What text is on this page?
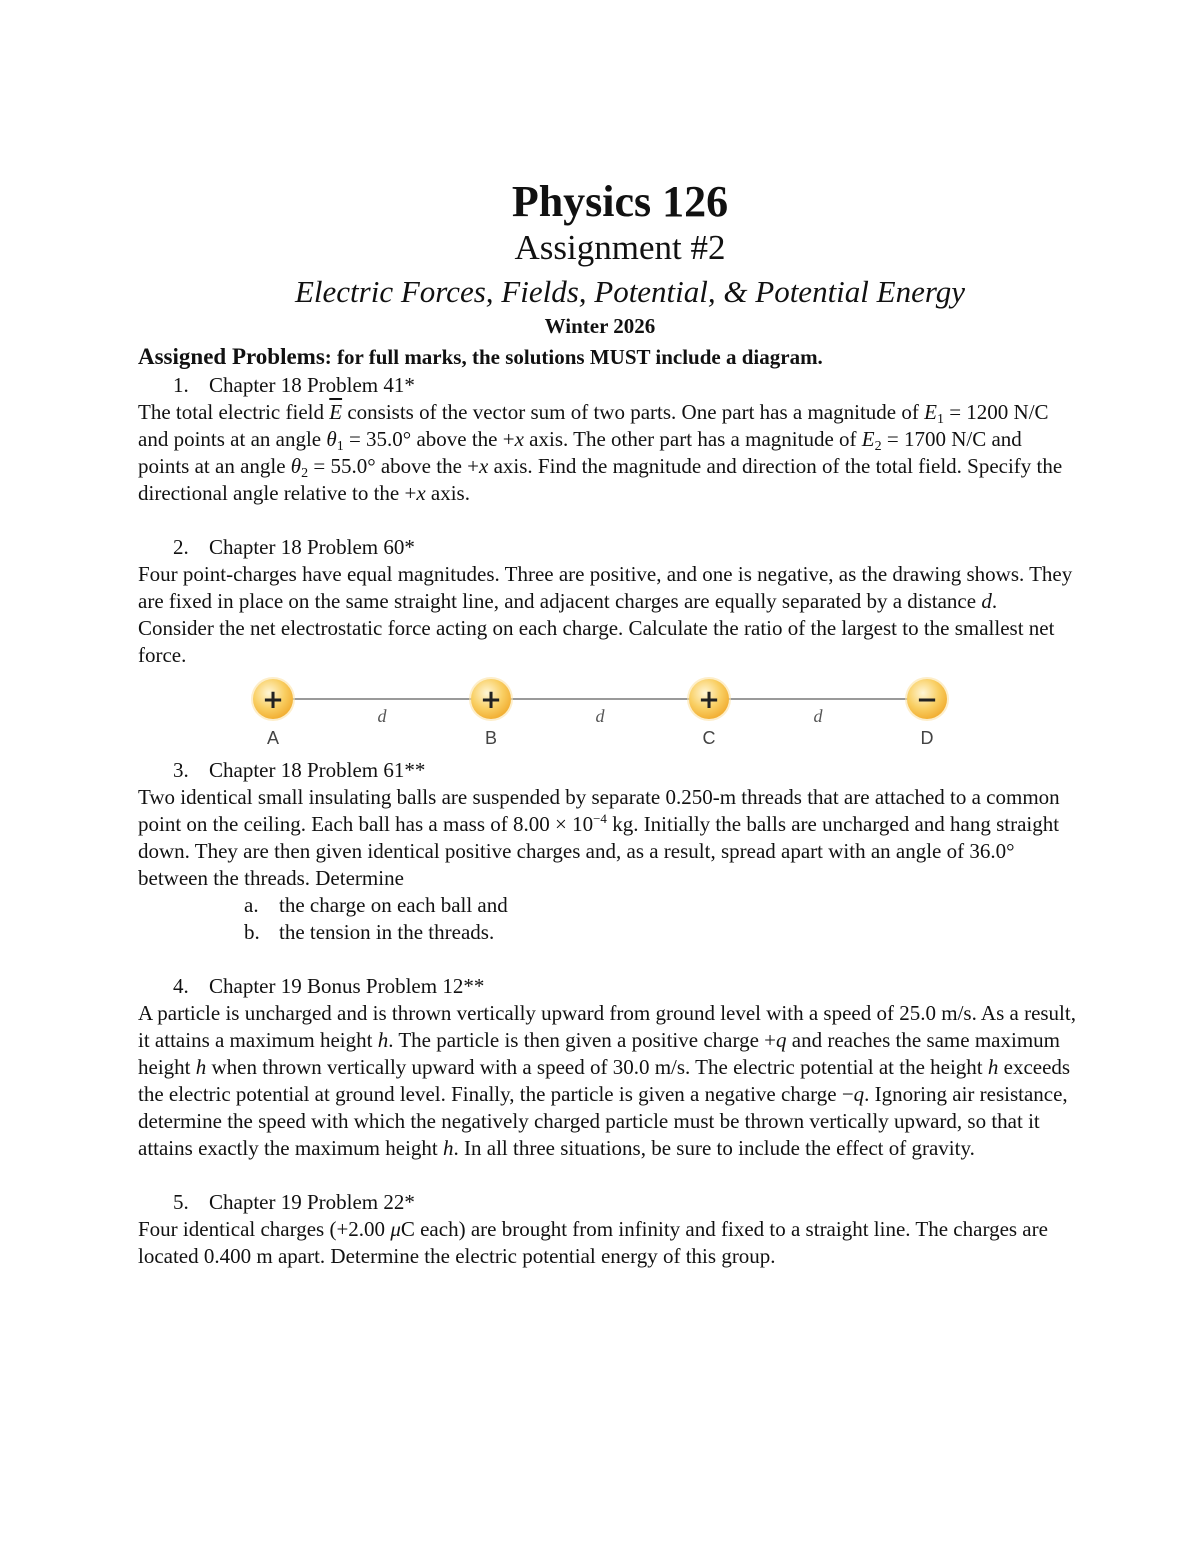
Physics 126
Assignment #2
Electric Forces, Fields, Potential, & Potential Energy
Winter 2026
Assigned Problems: for full marks, the solutions MUST include a diagram.
1. Chapter 18 Problem 41*

The total electric field $\overline{E}$ consists of the vector sum of two parts. One part has a magnitude of $E_1 = 1200$ N/C and points at an angle $\theta_1 = 35.0^\circ$ above the +x axis. The other part has a magnitude of $E_2 = 1700$ N/C and points at an angle $\theta_2 = 55.0^\circ$ above the +x axis. Find the magnitude and direction of the total field. Specify the directional angle relative to the +x axis.

2. Chapter 18 Problem 60*

Four point-charges have equal magnitudes. Three are positive, and one is negative, as the drawing shows. They are fixed in place on the same straight line, and adjacent charges are equally separated by a distance d. Consider the net electrostatic force acting on each charge. Calculate the ratio of the largest to the smallest net force.

d	d	d
+	+	+	−
A	B	C	D
3. Chapter 18 Problem 61**

Two identical small insulating balls are suspended by separate 0.250-m threads that are attached to a common point on the ceiling. Each ball has a mass of $8.00 \times 10^{-4}$ kg. Initially the balls are uncharged and hang straight down. They are then given identical positive charges and, as a result, spread apart with an angle of 36.0° between the threads. Determine

a. the charge on each ball and
b. the tension in the threads.
4. Chapter 19 Bonus Problem 12**

A particle is uncharged and is thrown vertically upward from ground level with a speed of 25.0 m/s. As a result, it attains a maximum height h. The particle is then given a positive charge +q and reaches the same maximum height h when thrown vertically upward with a speed of 30.0 m/s. The electric potential at the height h exceeds the electric potential at ground level. Finally, the particle is given a negative charge −q. Ignoring air resistance, determine the speed with which the negatively charged particle must be thrown vertically upward, so that it attains exactly the maximum height h. In all three situations, be sure to include the effect of gravity.

5. Chapter 19 Problem 22*

Four identical charges (+2.00 μC each) are brought from infinity and fixed to a straight line. The charges are located 0.400 m apart. Determine the electric potential energy of this group.
